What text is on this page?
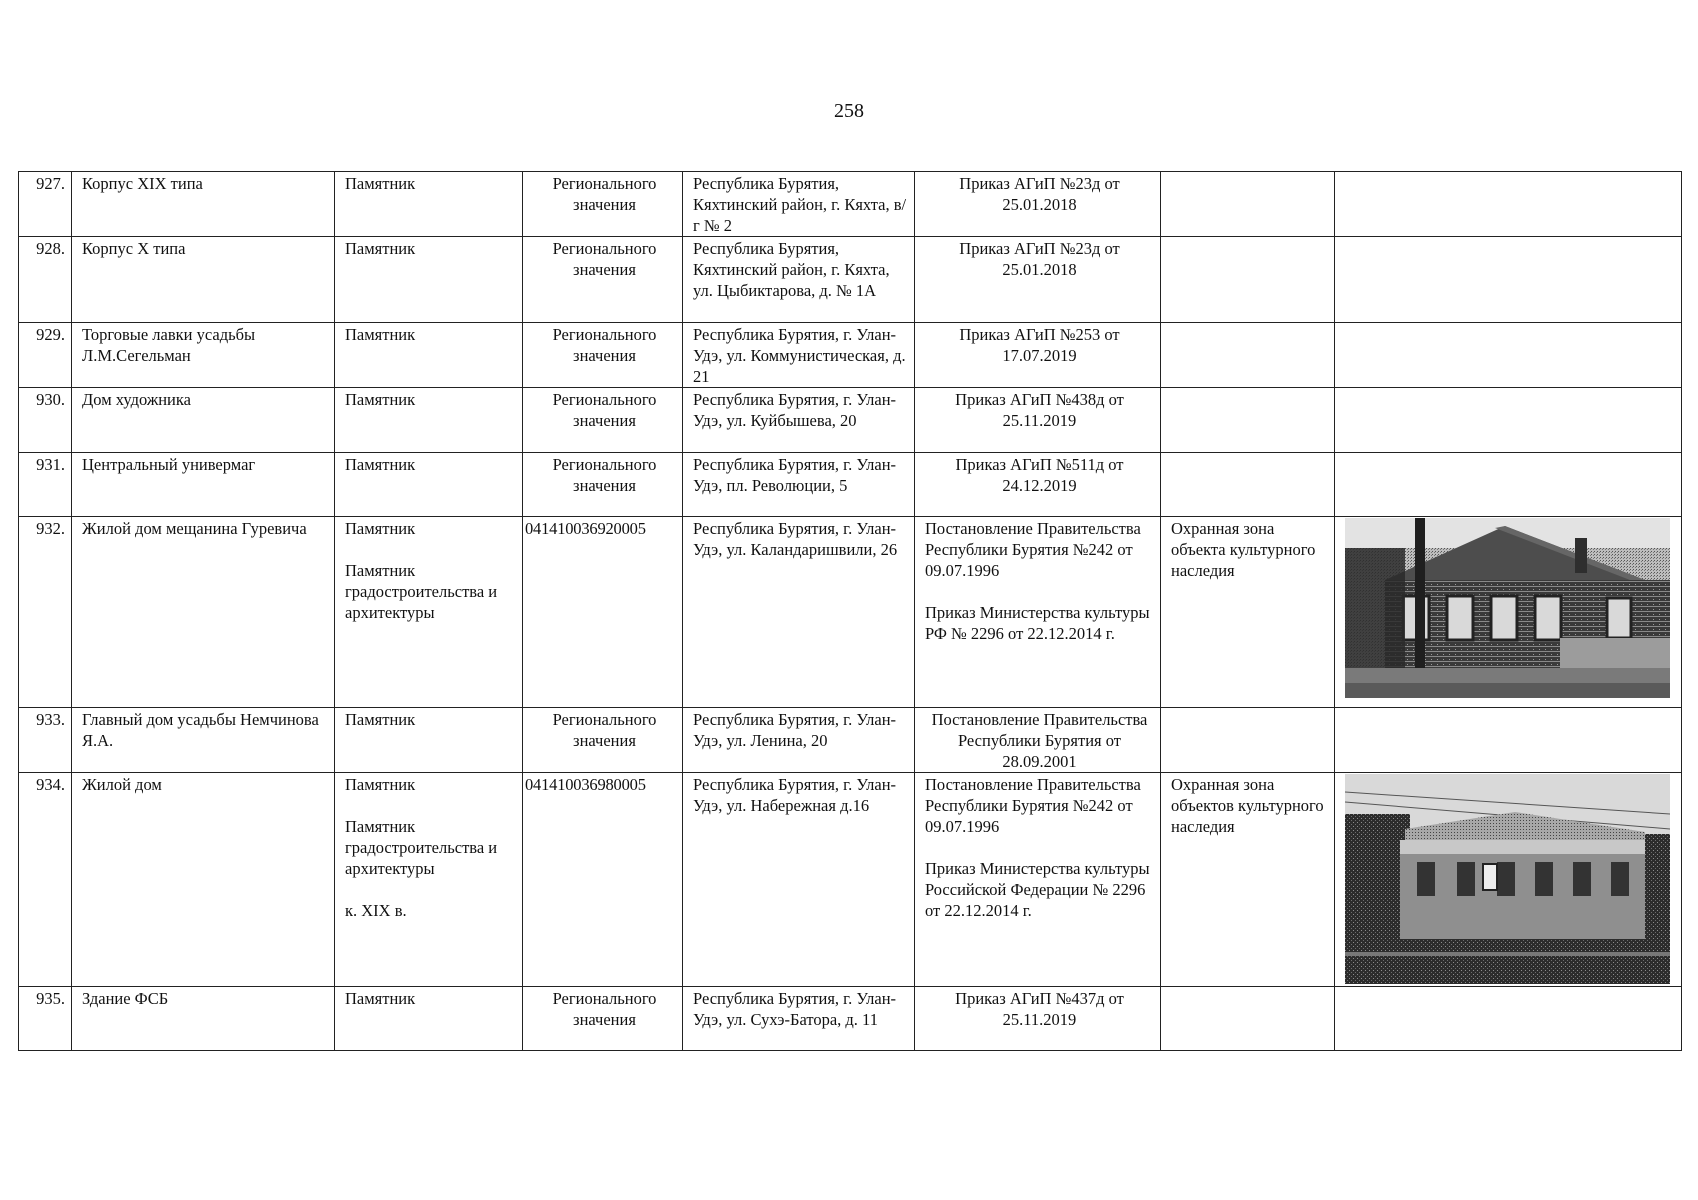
258
927.	Корпус XIX типа	Памятник	Регионального значения	Республика Бурятия, Кяхтинский район, г. Кяхта, в/г № 2	Приказ АГиП №23д от 25.01.2018		

928.	Корпус X типа	Памятник	Регионального значения	Республика Бурятия, Кяхтинский район, г. Кяхта, ул. Цыбиктарова, д. № 1А	Приказ АГиП №23д от 25.01.2018		

929.	Торговые лавки усадьбы Л.М.Сегельман	Памятник	Регионального значения	Республика Бурятия, г. Улан-Удэ, ул. Коммунистическая, д. 21	Приказ АГиП №253 от 17.07.2019		

930.	Дом художника	Памятник	Регионального значения	Республика Бурятия, г. Улан-Удэ, ул. Куйбышева, 20	Приказ АГиП №438д от 25.11.2019		

931.	Центральный универмаг	Памятник	Регионального значения	Республика Бурятия, г. Улан-Удэ, пл. Революции, 5	Приказ АГиП №511д от 24.12.2019		

932.	Жилой дом мещанина Гуревича	Памятник
Памятник градостроительства и архитектуры	041410036920005	Республика Бурятия, г. Улан-Удэ, ул. Каландаришвили, 26	Постановление Правительства Республики Бурятия №242 от 09.07.1996
Приказ Министерства культуры РФ № 2296 от 22.12.2014 г.	Охранная зона объекта культурного наследия	

933.	Главный дом усадьбы Немчинова Я.А.	Памятник	Регионального значения	Республика Бурятия, г. Улан-Удэ, ул. Ленина, 20	Постановление Правительства Республики Бурятия от 28.09.2001		

934.	Жилой дом	Памятник
Памятник градостроительства и архитектуры
к. XIX в.	041410036980005	Республика Бурятия, г. Улан-Удэ, ул. Набережная д.16	Постановление Правительства Республики Бурятия №242 от 09.07.1996
Приказ Министерства культуры Российской Федерации № 2296 от 22.12.2014 г.	Охранная зона объектов культурного наследия	

935.	Здание ФСБ	Памятник	Регионального значения	Республика Бурятия, г. Улан-Удэ, ул. Сухэ-Батора, д. 11	Приказ АГиП №437д от 25.11.2019		
